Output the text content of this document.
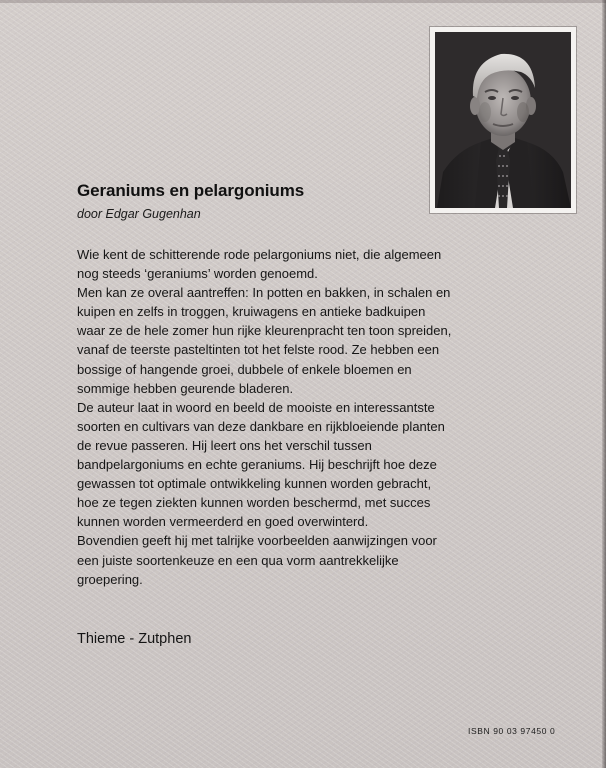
Geraniums en pelargoniums
door Edgar Gugenhan
Wie kent de schitterende rode pelargoniums niet, die algemeen
nog steeds ‘geraniums’ worden genoemd.
Men kan ze overal aantreffen: In potten en bakken, in schalen en
kuipen en zelfs in troggen, kruiwagens en antieke badkuipen
waar ze de hele zomer hun rijke kleurenpracht ten toon spreiden,
vanaf de teerste pasteltinten tot het felste rood. Ze hebben een
bossige of hangende groei, dubbele of enkele bloemen en
sommige hebben geurende bladeren.
De auteur laat in woord en beeld de mooiste en interessantste
soorten en cultivars van deze dankbare en rijkbloeiende planten
de revue passeren. Hij leert ons het verschil tussen
bandpelargoniums en echte geraniums. Hij beschrijft hoe deze
gewassen tot optimale ontwikkeling kunnen worden gebracht,
hoe ze tegen ziekten kunnen worden beschermd, met succes
kunnen worden vermeerderd en goed overwinterd.
Bovendien geeft hij met talrijke voorbeelden aanwijzingen voor
een juiste soortenkeuze en een qua vorm aantrekkelijke
groepering.
Thieme - Zutphen
ISBN 90 03 97450 0
